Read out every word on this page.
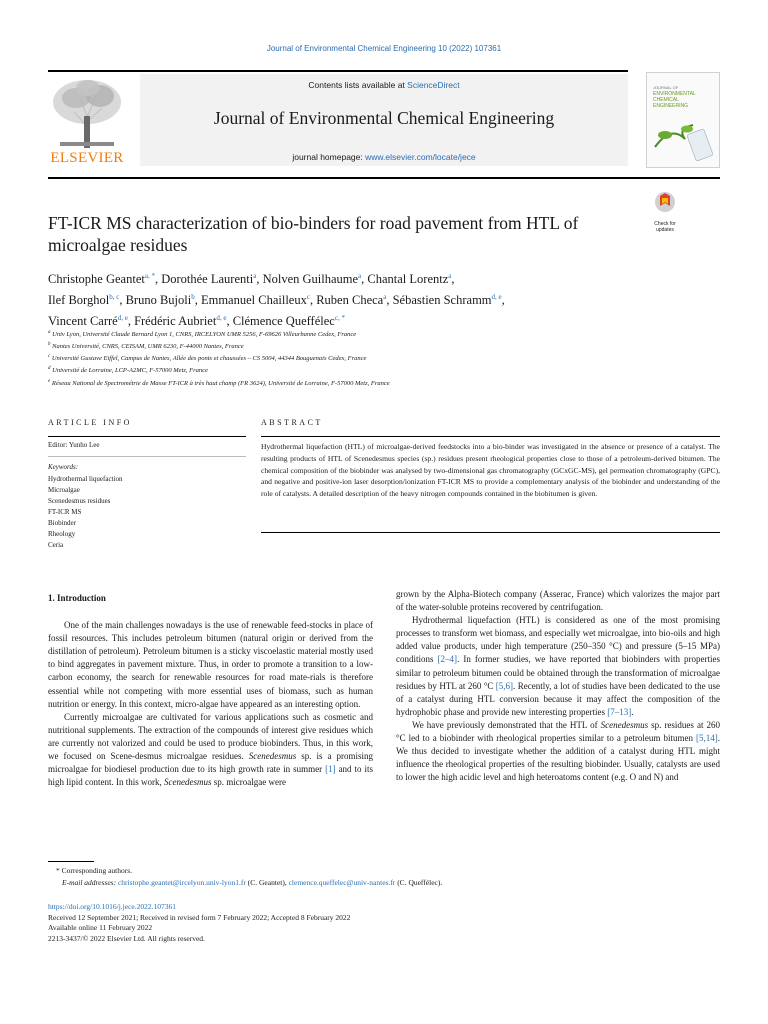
Journal of Environmental Chemical Engineering 10 (2022) 107361
ELSEVIER
Contents lists available at ScienceDirect
Journal of Environmental Chemical Engineering
journal homepage: www.elsevier.com/locate/jece
JOURNAL OF
ENVIRONMENTAL
CHEMICAL
ENGINEERING
FT-ICR MS characterization of bio-binders for road pavement from HTL of microalgae residues
Check for
updates
Christophe Geantet$^{a, *}$, Dorothée Laurenti$^a$, Nolven Guilhaume$^a$, Chantal Lorentz$^a$,
Ilef Borghol$^{b, c}$, Bruno Bujoli$^b$, Emmanuel Chailleux$^c$, Ruben Checa$^a$, Sébastien Schramm$^{d, e}$,
Vincent Carré$^{d, e}$, Frédéric Aubriet$^{d, e}$, Clémence Queffélec$^{c, *}$
$^a$ Univ Lyon, Université Claude Bernard Lyon 1, CNRS, IRCELYON UMR 5256, F-69626 Villeurbanne Cedex, France
$^b$ Nantes Université, CNRS, CEISAM, UMR 6230, F-44000 Nantes, France
$^c$ Université Gustave Eiffel, Campus de Nantes, Allée des ponts et chaussées – CS 5004, 44344 Bouguenais Cedex, France
$^d$ Université de Lorraine, LCP-A2MC, F-57000 Metz, France
$^e$ Réseau National de Spectrométrie de Masse FT-ICR à très haut champ (FR 3624), Université de Lorraine, F-57000 Metz, France
ARTICLE INFO	ABSTRACT
Editor: Yunho Lee
Keywords:
Hydrothermal liquefaction
Microalgae
Scenedesmus residues
FT-ICR MS
Biobinder
Rheology
Ceria
Hydrothermal liquefaction (HTL) of microalgae-derived feedstocks into a bio-binder was investigated in the absence or presence of a catalyst. The resulting products of HTL of Scenedesmus species (sp.) residues present rheological properties close to those of a petroleum-derived bitumen. The chemical composition of the biobinder was analysed by two-dimensional gas chromatography (GCxGC-MS), gel permeation chromatography (GPC), and negative and positive-ion laser desorption/ionization FT-ICR MS to provide a complementary analysis of the biobinder and understanding of the role of catalysts. A detailed description of the heavy nitrogen compounds contained in the biobitumen is given.
1. Introduction

One of the main challenges nowadays is the use of renewable feed-stocks in place of fossil resources. This includes petroleum bitumen (natural origin or derived from the distillation of petroleum). Petroleum bitumen is a sticky viscoelastic material mostly used to bind aggregates in pavement mixture. Thus, in order to promote a transition to a low-carbon economy, the search for renewable resources for road mate-rials is therefore essential while not competing with more essential uses of biomass, such as human nutrition or energy. In this context, micro-algae have appeared as an interesting option.

Currently microalgae are cultivated for various applications such as cosmetic and nutritional supplements. The extraction of the compounds of interest give residues which are currently not valorized and could be used to produce biobinders. Thus, in this work, we focused on Scene-desmus microalgae residues. Scenedesmus sp. is a promising microalgae for biodiesel production due to its high growth rate in summer [1] and to its high lipid content. In this work, Scenedesmus sp. microalgae were

grown by the Alpha-Biotech company (Asserac, France) which valorizes the major part of the water-soluble proteins recovered by centrifugation.

Hydrothermal liquefaction (HTL) is considered as one of the most promising processes to transform wet biomass, and especially wet microalgae, into bio-oils and high added value products, under high temperature (250–350 °C) and pressure (5–15 MPa) conditions [2–4]. In former studies, we have reported that biobinders with properties similar to petroleum bitumen could be obtained through the transformation of microalgae residues by HTL at 260 °C [5,6]. Recently, a lot of studies have been dedicated to the use of a catalyst during HTL conversion because it may affect the composition of the hydrophobic phase and provide new interesting properties [7–13].

We have previously demonstrated that the HTL of Scenedesmus sp. residues at 260 °C led to a biobinder with rheological properties similar to a petroleum bitumen [5,14]. We thus decided to investigate whether the addition of a catalyst during HTL might influence the rheological properties of the resulting biobinder. Usually, catalysts are used to lower the high acidic level and high heteroatoms content (e.g. O and N) and

* Corresponding authors.
E-mail addresses: christophe.geantet@ircelyon.univ-lyon1.fr (C. Geantet), clemence.queffelec@univ-nantes.fr (C. Queffélec).
https://doi.org/10.1016/j.jece.2022.107361
Received 12 September 2021; Received in revised form 7 February 2022; Accepted 8 February 2022
Available online 11 February 2022
2213-3437/© 2022 Elsevier Ltd. All rights reserved.
